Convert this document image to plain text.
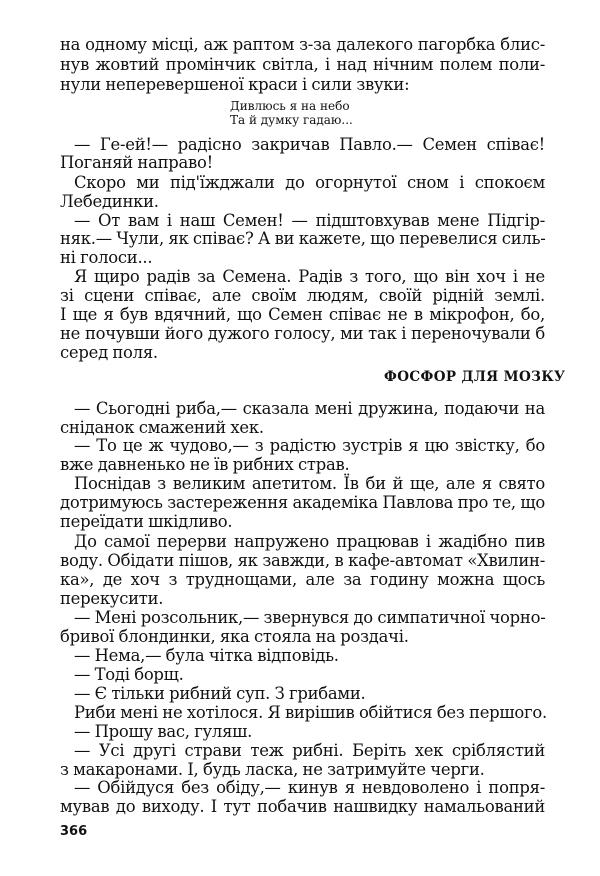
на одному місці, аж раптом з-за далекого пагорбка блис-
нув жовтий промінчик світла, і над нічним полем поли-
нули неперевершеної краси і сили звуки:
Дивлюсь я на небо
Та й думку гадаю...
— Ге-ей!— радісно закричав Павло.— Семен співає!
Поганяй направо!
Скоро ми під'їжджали до огорнутої сном і спокоєм
Лебединки.
— От вам і наш Семен! — підштовхував мене Підгір-
няк.— Чули, як співає? А ви кажете, що перевелися силь-
ні голоси...
Я щиро радів за Семена. Радів з того, що він хоч і не
зі сцени співає, але своїм людям, своїй рідній землі.
І ще я був вдячний, що Семен співає не в мікрофон, бо,
не почувши його дужого голосу, ми так і переночували б
серед поля.
ФОСФОР ДЛЯ МОЗКУ
— Сьогодні риба,— сказала мені дружина, подаючи на
сніданок смажений хек.
— То це ж чудово,— з радістю зустрів я цю звістку, бо
вже давненько не їв рибних страв.
Поснідав з великим апетитом. Їв би й ще, але я свято
дотримуюсь застереження академіка Павлова про те, що
переїдати шкідливо.
До самої перерви напружено працював і жадібно пив
воду. Обідати пішов, як завжди, в кафе-автомат «Хвилин-
ка», де хоч з труднощами, але за годину можна щось
перекусити.
— Мені розсольник,— звернувся до симпатичної чорно-
бривої блондинки, яка стояла на роздачі.
— Нема,— була чітка відповідь.
— Тоді борщ.
— Є тільки рибний суп. З грибами.
Риби мені не хотілося. Я вирішив обійтися без першого.
— Прошу вас, гуляш.
— Усі другі страви теж рибні. Беріть хек сріблястий
з макаронами. І, будь ласка, не затримуйте черги.
— Обійдуся без обіду,— кинув я невдоволено і попря-
мував до виходу. І тут побачив нашвидку намальований
366
